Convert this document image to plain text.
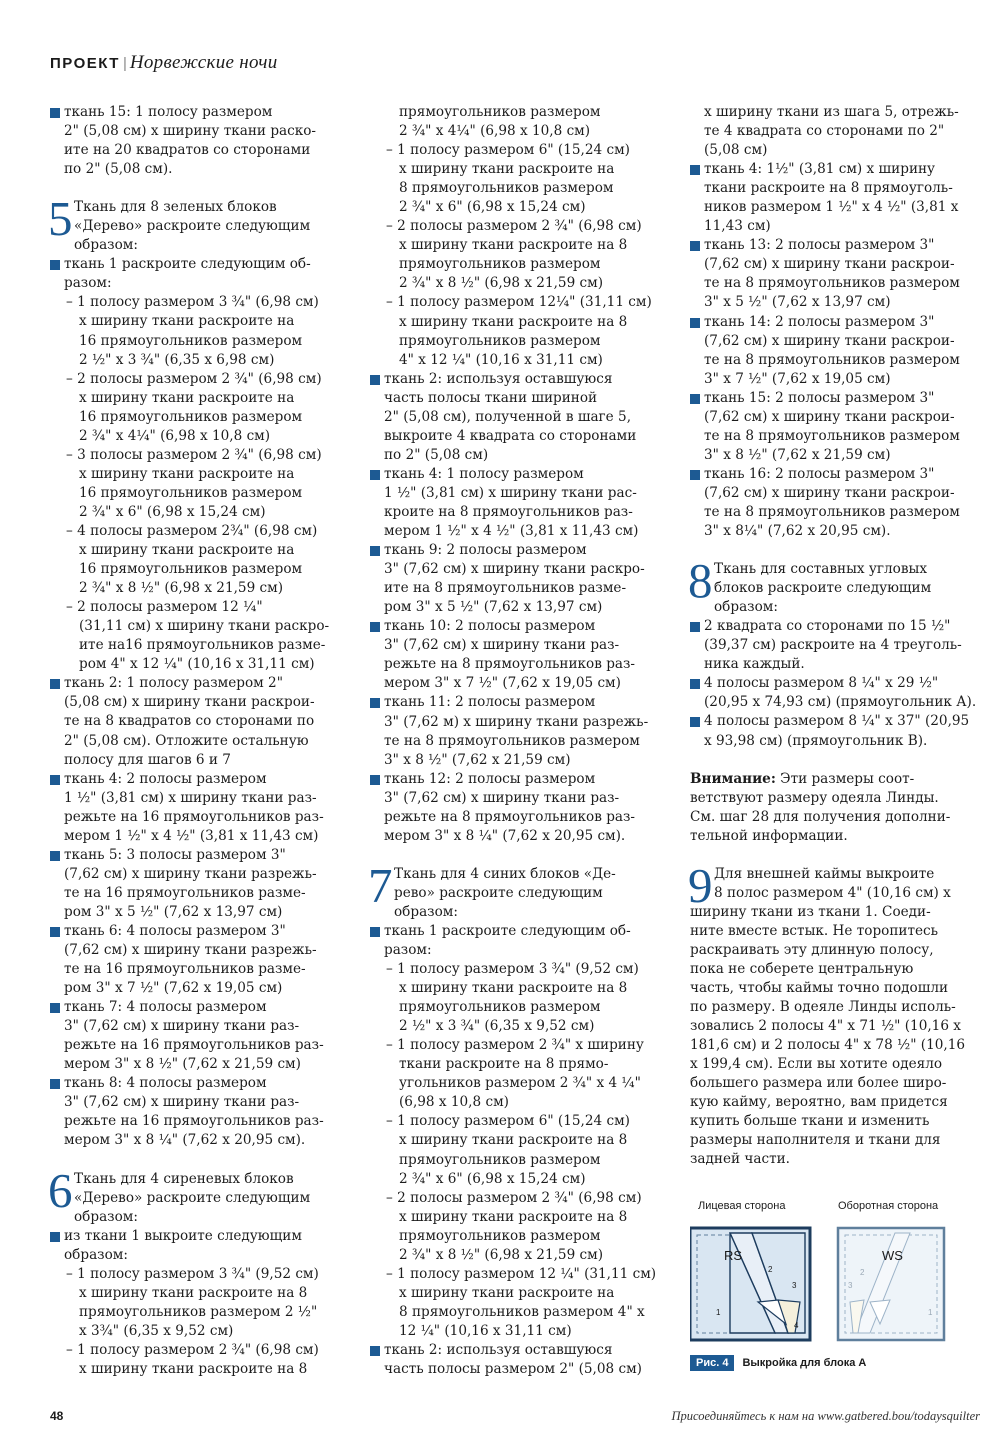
ПРОЕКТ | Норвежские ночи
ткань 15: 1 полосу размером
2" (5,08 см) х ширину ткани раско-
ите на 20 квадратов со сторонами
по 2" (5,08 см).
5 Ткань для 8 зеленых блоков
«Дерево» раскроите следующим
образом:
ткань 1 раскроите следующим об-
разом:
– 1 полосу размером 3 ¾" (6,98 см)
х ширину ткани раскроите на
16 прямоугольников размером
2 ½" х 3 ¾" (6,35 х 6,98 см)
– 2 полосы размером 2 ¾" (6,98 см)
х ширину ткани раскроите на
16 прямоугольников размером
2 ¾" х 4¼" (6,98 х 10,8 см)
– 3 полосы размером 2 ¾" (6,98 см)
х ширину ткани раскроите на
16 прямоугольников размером
2 ¾" х 6" (6,98 х 15,24 см)
– 4 полосы размером 2¾" (6,98 см)
х ширину ткани раскроите на
16 прямоугольников размером
2 ¾" х 8 ½" (6,98 х 21,59 см)
– 2 полосы размером 12 ¼"
(31,11 см) х ширину ткани раскро-
ите на16 прямоугольников разме-
ром 4" х 12 ¼" (10,16 х 31,11 см)
ткань 2: 1 полосу размером 2"
(5,08 см) х ширину ткани раскрои-
те на 8 квадратов со сторонами по
2" (5,08 см). Отложите остальную
полосу для шагов 6 и 7
ткань 4: 2 полосы размером
1 ½" (3,81 см) х ширину ткани раз-
режьте на 16 прямоугольников раз-
мером 1 ½" х 4 ½" (3,81 х 11,43 см)
ткань 5: 3 полосы размером 3"
(7,62 см) х ширину ткани разрежь-
те на 16 прямоугольников разме-
ром 3" х 5 ½" (7,62 х 13,97 см)
ткань 6: 4 полосы размером 3"
(7,62 см) х ширину ткани разрежь-
те на 16 прямоугольников разме-
ром 3" х 7 ½" (7,62 х 19,05 см)
ткань 7: 4 полосы размером
3" (7,62 см) х ширину ткани раз-
режьте на 16 прямоугольников раз-
мером 3" х 8 ½" (7,62 х 21,59 см)
ткань 8: 4 полосы размером
3" (7,62 см) х ширину ткани раз-
режьте на 16 прямоугольников раз-
мером 3" х 8 ¼" (7,62 х 20,95 см).
6 Ткань для 4 сиреневых блоков
«Дерево» раскроите следующим
образом:
из ткани 1 выкроите следующим
образом:
– 1 полосу размером 3 ¾" (9,52 см)
х ширину ткани раскроите на 8
прямоугольников размером 2 ½"
х 3¾" (6,35 х 9,52 см)
– 1 полосу размером 2 ¾" (6,98 см)
х ширину ткани раскроите на 8
прямоугольников размером
2 ¾" х 4¼" (6,98 х 10,8 см)
– 1 полосу размером 6" (15,24 см)
х ширину ткани раскроите на
8 прямоугольников размером
2 ¾" х 6" (6,98 х 15,24 см)
– 2 полосы размером 2 ¾" (6,98 см)
х ширину ткани раскроите на 8
прямоугольников размером
2 ¾" х 8 ½" (6,98 х 21,59 см)
– 1 полосу размером 12¼" (31,11 см)
х ширину ткани раскроите на 8
прямоугольников размером
4" х 12 ¼" (10,16 х 31,11 см)
ткань 2: используя оставшуюся
часть полосы ткани шириной
2" (5,08 см), полученной в шаге 5,
выкроите 4 квадрата со сторонами
по 2" (5,08 см)
ткань 4: 1 полосу размером
1 ½" (3,81 см) х ширину ткани рас-
кроите на 8 прямоугольников раз-
мером 1 ½" х 4 ½" (3,81 х 11,43 см)
ткань 9: 2 полосы размером
3" (7,62 см) х ширину ткани раскро-
ите на 8 прямоугольников разме-
ром 3" х 5 ½" (7,62 х 13,97 см)
ткань 10: 2 полосы размером
3" (7,62 см) х ширину ткани раз-
режьте на 8 прямоугольников раз-
мером 3" х 7 ½" (7,62 х 19,05 см)
ткань 11: 2 полосы размером
3" (7,62 м) х ширину ткани разрежь-
те на 8 прямоугольников размером
3" х 8 ½" (7,62 х 21,59 см)
ткань 12: 2 полосы размером
3" (7,62 см) х ширину ткани раз-
режьте на 8 прямоугольников раз-
мером 3" х 8 ¼" (7,62 х 20,95 см).
7 Ткань для 4 синих блоков «Де-
рево» раскроите следующим
образом:
ткань 1 раскроите следующим об-
разом:
– 1 полосу размером 3 ¾" (9,52 см)
х ширину ткани раскроите на 8
прямоугольников размером
2 ½" х 3 ¾" (6,35 х 9,52 см)
– 1 полосу размером 2 ¾" х ширину
ткани раскроите на 8 прямо-
угольников размером 2 ¾" х 4 ¼"
(6,98 х 10,8 см)
– 1 полосу размером 6" (15,24 см)
х ширину ткани раскроите на 8
прямоугольников размером
2 ¾" х 6" (6,98 х 15,24 см)
– 2 полосы размером 2 ¾" (6,98 см)
х ширину ткани раскроите на 8
прямоугольников размером
2 ¾" х 8 ½" (6,98 х 21,59 см)
– 1 полосу размером 12 ¼" (31,11 см)
х ширину ткани раскроите на
8 прямоугольников размером 4" х
12 ¼" (10,16 х 31,11 см)
ткань 2: используя оставшуюся
часть полосы размером 2" (5,08 см)
х ширину ткани из шага 5, отрежь-
те 4 квадрата со сторонами по 2"
(5,08 см)
ткань 4: 1½" (3,81 см) х ширину
ткани раскроите на 8 прямоуголь-
ников размером 1 ½" х 4 ½" (3,81 х
11,43 см)
ткань 13: 2 полосы размером 3"
(7,62 см) х ширину ткани раскрои-
те на 8 прямоугольников размером
3" х 5 ½" (7,62 х 13,97 см)
ткань 14: 2 полосы размером 3"
(7,62 см) х ширину ткани раскрои-
те на 8 прямоугольников размером
3" х 7 ½" (7,62 х 19,05 см)
ткань 15: 2 полосы размером 3"
(7,62 см) х ширину ткани раскрои-
те на 8 прямоугольников размером
3" х 8 ½" (7,62 х 21,59 см)
ткань 16: 2 полосы размером 3"
(7,62 см) х ширину ткани раскрои-
те на 8 прямоугольников размером
3" х 8¼" (7,62 х 20,95 см).
8 Ткань для составных угловых
блоков раскроите следующим
образом:
2 квадрата со сторонами по 15 ½"
(39,37 см) раскроите на 4 треуголь-
ника каждый.
4 полосы размером 8 ¼" х 29 ½"
(20,95 х 74,93 см) (прямоугольник А).
4 полосы размером 8 ¼" х 37" (20,95
х 93,98 см) (прямоугольник В).
Внимание: Эти размеры соот-
ветствуют размеру одеяла Линды.
См. шаг 28 для получения дополни-
тельной информации.
9 Для внешней каймы выкроите
8 полос размером 4" (10,16 см) х
ширину ткани из ткани 1. Соеди-
ните вместе встык. Не торопитесь
раскраивать эту длинную полосу,
пока не соберете центральную
часть, чтобы каймы точно подошли
по размеру. В одеяле Линды исполь-
зовались 2 полосы 4" х 71 ½" (10,16 х
181,6 см) и 2 полосы 4" х 78 ½" (10,16
х 199,4 см). Если вы хотите одеяло
большего размера или более широ-
кую кайму, вероятно, вам придется
купить больше ткани и изменить
размеры наполнителя и ткани для
задней части.
Лицевая сторона	Оборотная сторона
RS
1
2
3
4
WS
2
1
3
Рис. 4	Выкройка для блока А
48	Присоединяйтесь к нам на www.gatbered.bou/todaysquilter
